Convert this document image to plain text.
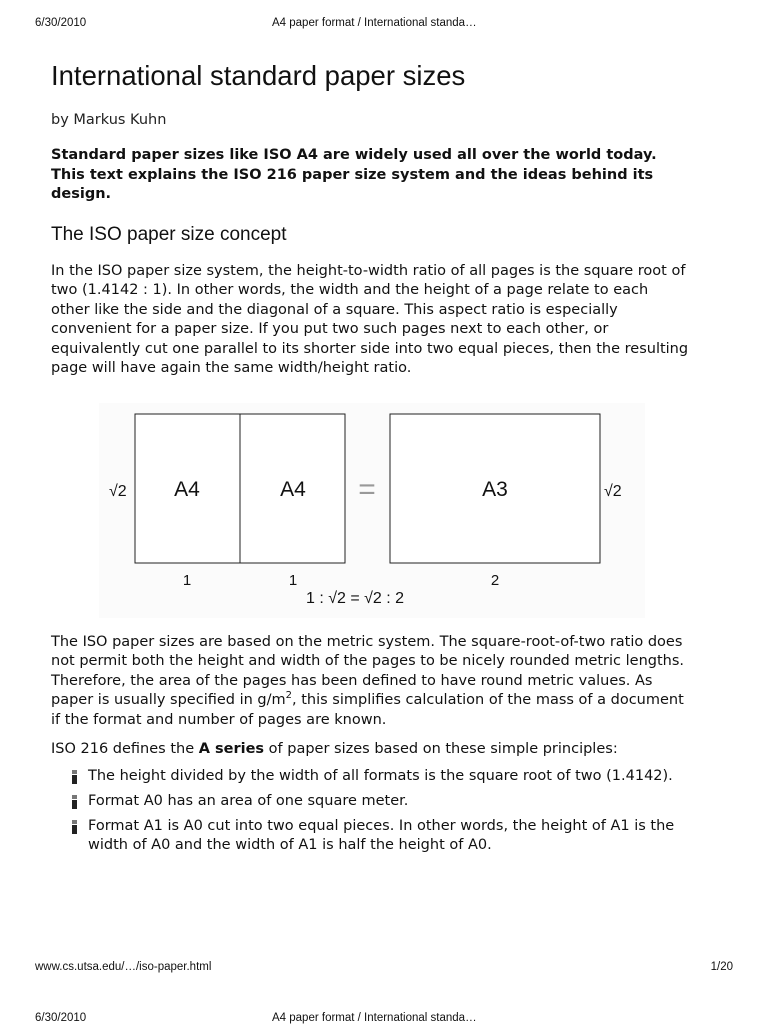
6/30/2010	A4 paper format / International standa…
International standard paper sizes
by Markus Kuhn
Standard paper sizes like ISO A4 are widely used all over the world today. This text explains the ISO 216 paper size system and the ideas behind its design.
The ISO paper size concept

In the ISO paper size system, the height-to-width ratio of all pages is the square root of two (1.4142 : 1). In other words, the width and the height of a page relate to each other like the side and the diagonal of a square. This aspect ratio is especially convenient for a paper size. If you put two such pages next to each other, or equivalently cut one parallel to its shorter side into two equal pieces, then the resulting page will have again the same width/height ratio.

√2 A4	A4 =	A3	√2
1	1	2
1 : √2 = √2 : 2

The ISO paper sizes are based on the metric system. The square-root-of-two ratio does not permit both the height and width of the pages to be nicely rounded metric lengths. Therefore, the area of the pages has been defined to have round metric values. As paper is usually specified in $g/m^2$, this simplifies calculation of the mass of a document if the format and number of pages are known.

ISO 216 defines the A series of paper sizes based on these simple principles:

The height divided by the width of all formats is the square root of two (1.4142).
Format A0 has an area of one square meter.
Format A1 is A0 cut into two equal pieces. In other words, the height of A1 is the width of A0 and the width of A1 is half the height of A0.
www.cs.utsa.edu/…/iso-paper.html	1/20
6/30/2010	A4 paper format / International standa…
